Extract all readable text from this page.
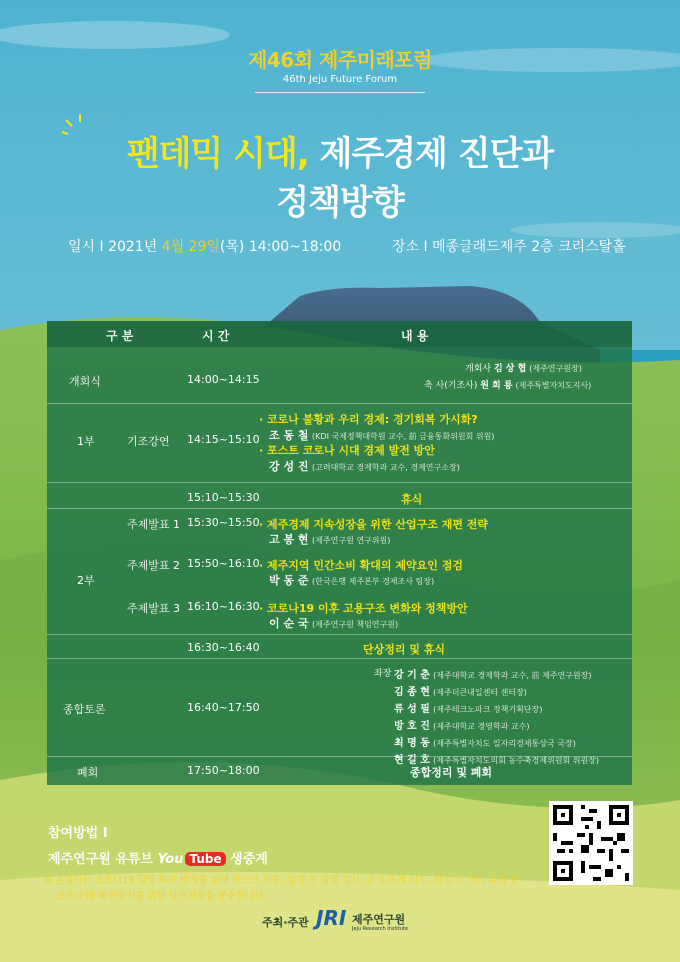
제46회 제주미래포럼
46th Jeju Future Forum
팬데믹 시대, 제주경제 진단과
정책방향
일시 I 2021년 4월 29일(목) 14:00~18:00	장소 I 메종글래드제주 2층 크리스탈홀
구 분	시 간	내 용
개회식	14:00~14:15
개회사 김 상 협 (제주연구원장)
축 사(기조사) 원 희 룡 (제주특별자치도지사)
1부	기조강연 14:15~15:10
· 코로나 불황과 우리 경제: 경기회복 가시화?
조 동 철 (KDI 국제정책대학원 교수, 前 금융통화위원회 위원)
· 포스트 코로나 시대 경제 발전 방안
강 성 진 (고려대학교 경제학과 교수, 경제연구소장)
15:10~15:30	휴식
2부
주제발표 1 15:30~15:50 · 제주경제 지속성장을 위한 산업구조 재편 전략
고 봉 현 (제주연구원 연구위원)
주제발표 2 15:50~16:10 · 제주지역 민간소비 확대의 제약요인 점검
박 동 준 (한국은행 제주본부 경제조사 팀장)
주제발표 3 16:10~16:30 · 코로나19 이후 고용구조 변화와 정책방안
이 순 국 (제주연구원 책임연구원)
16:30~16:40	단상정리 및 휴식
종합토론	16:40~17:50
좌장 강 기 춘 (제주대학교 경제학과 교수, 前 제주연구원장)
김 종 현 (제주더큰내일센터 센터장)
류 성 필 (제주테크노파크 정책기획단장)
방 호 진 (제주대학교 경영학과 교수)
최 명 동 (제주특별자치도 일자리경제통상국 국장)
현 길 호 (제주특별자치도의회 농수축경제위원회 위원장)
폐회	17:50~18:00	종합정리 및 폐회
참여방법 I
제주연구원 유튜브 You Tube 생중계
※ 본행사는 코로나19 감염 확산 방지를 위해 마스크 착용, 입장 전 발열 검사, 손 소독제 비치, 좌석 간 거리 유지 등
코로나19 확산방지를 위한 방역지침을 준수합니다.
주최·주관 JRI 제주연구원
Jeju Research Institute
